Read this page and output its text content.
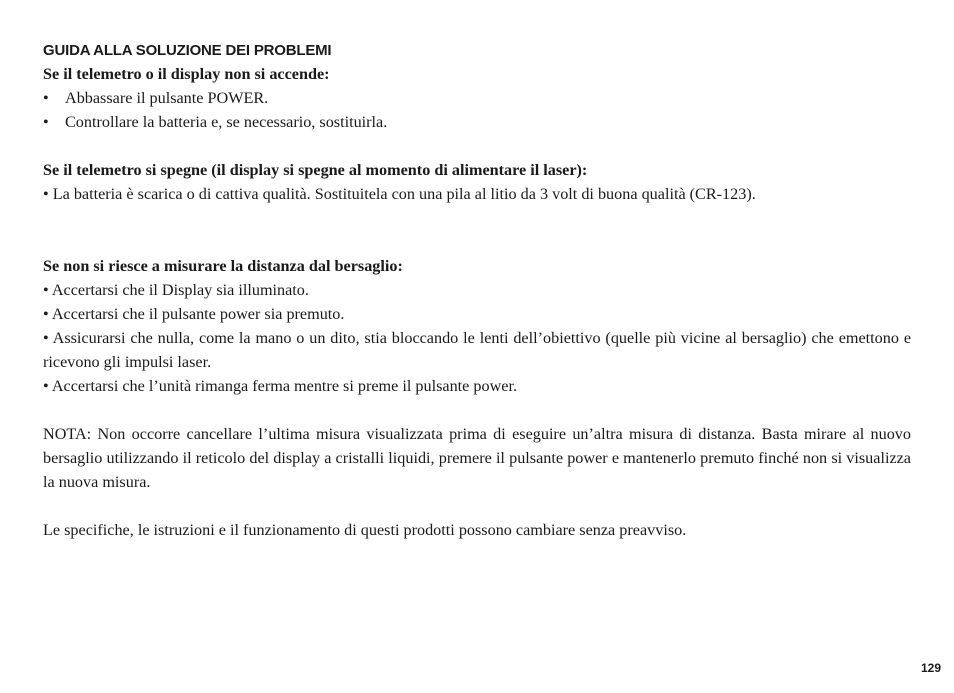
GUIDA ALLA SOLUZIONE DEI PROBLEMI

Se il telemetro o il display non si accende:

•	Abbassare il pulsante POWER.

•	Controllare la batteria e, se necessario, sostituirla.

Se il telemetro si spegne (il display si spegne al momento di alimentare il laser):

• La batteria è scarica o di cattiva qualità. Sostituitela con una pila al litio da 3 volt di buona qualità (CR-123).

Se non si riesce a misurare la distanza dal bersaglio:

• Accertarsi che il Display sia illuminato.

• Accertarsi che il pulsante power sia premuto.

• Assicurarsi che nulla, come la mano o un dito, stia bloccando le lenti dell’obiettivo (quelle più vicine al bersaglio) che emettono e ricevono gli impulsi laser.

• Accertarsi che l’unità rimanga ferma mentre si preme il pulsante power.

NOTA: Non occorre cancellare l’ultima misura visualizzata prima di eseguire un’altra misura di distanza. Basta mirare al nuovo bersaglio utilizzando il reticolo del display a cristalli liquidi, premere il pulsante power e mantenerlo premuto finché non si visualizza la nuova misura.

Le specifiche, le istruzioni e il funzionamento di questi prodotti possono cambiare senza preavviso.

129
